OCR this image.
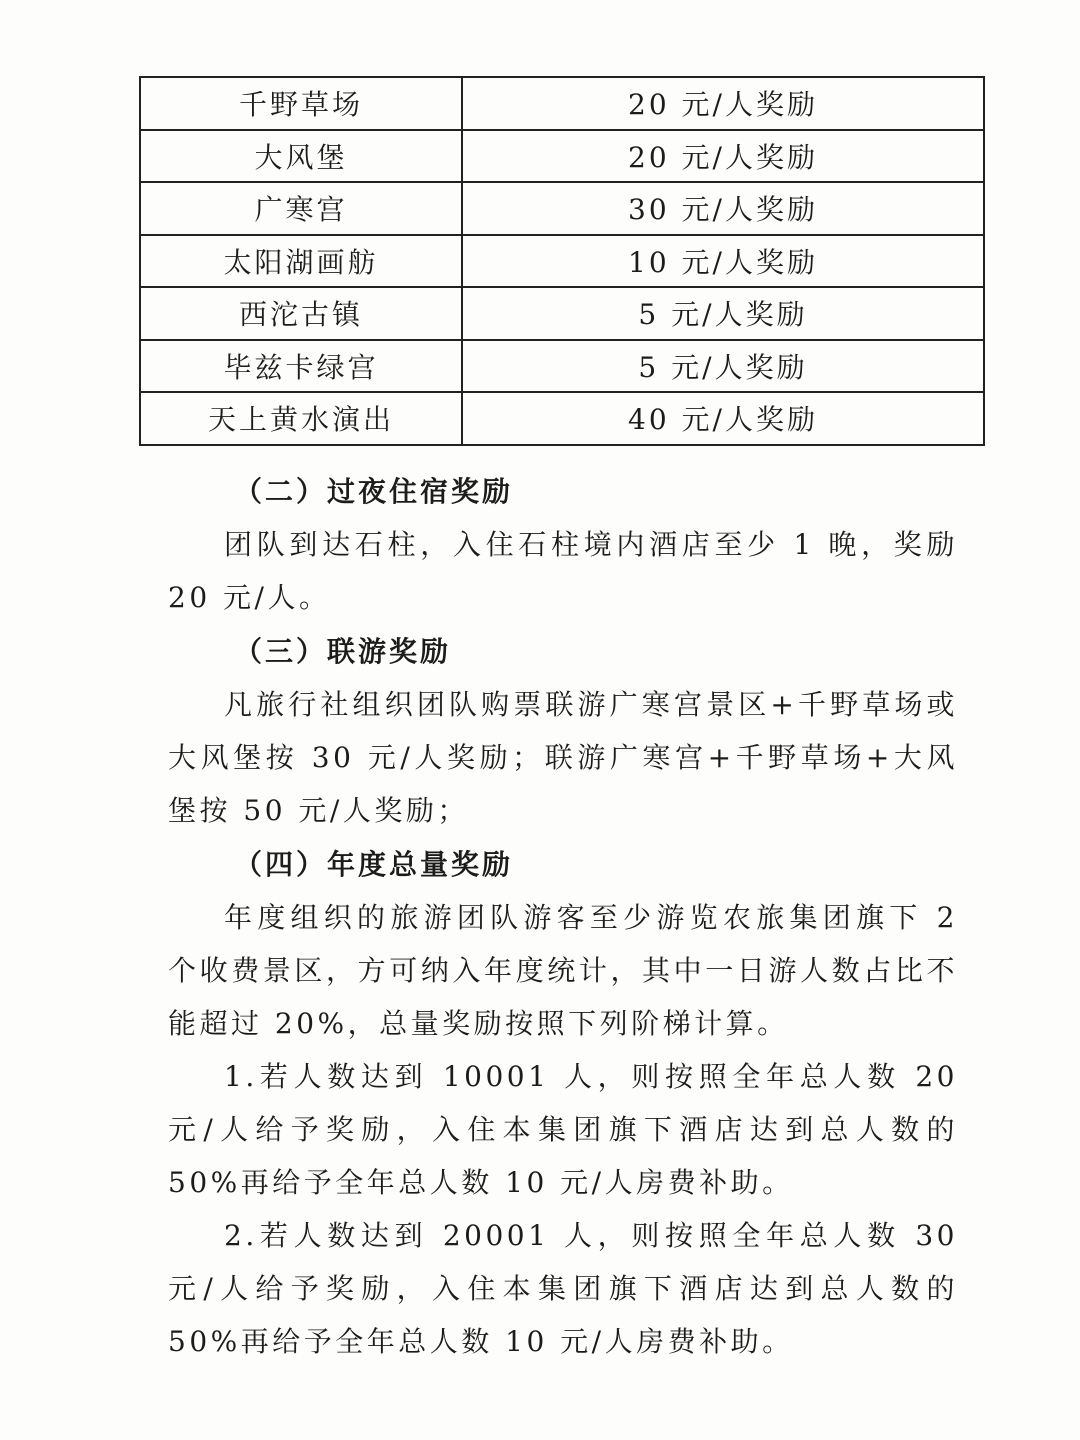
千野草场	20 元/人奖励
大风堡	20 元/人奖励
广寒宫	30 元/人奖励
太阳湖画舫	10 元/人奖励
西沱古镇	5 元/人奖励
毕兹卡绿宫	5 元/人奖励
天上黄水演出	40 元/人奖励

（二）过夜住宿奖励

团队到达石柱，入住石柱境内酒店至少 1 晚，奖励 20 元/人。

（三）联游奖励

凡旅行社组织团队购票联游广寒宫景区+千野草场或大风堡按 30 元/人奖励；联游广寒宫+千野草场+大风堡按 50 元/人奖励；

（四）年度总量奖励

年度组织的旅游团队游客至少游览农旅集团旗下 2 个收费景区，方可纳入年度统计，其中一日游人数占比不能超过 20%，总量奖励按照下列阶梯计算。

1.若人数达到 10001 人，则按照全年总人数 20 元/人给予奖励，入住本集团旗下酒店达到总人数的 50%再给予全年总人数 10 元/人房费补助。

2.若人数达到 20001 人，则按照全年总人数 30 元/人给予奖励，入住本集团旗下酒店达到总人数的 50%再给予全年总人数 10 元/人房费补助。
